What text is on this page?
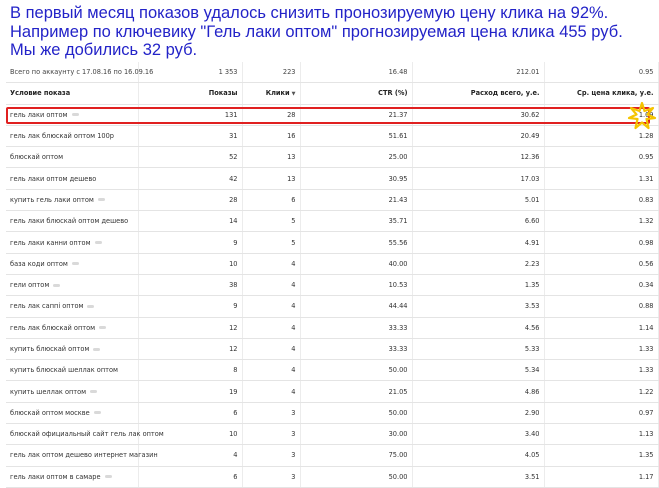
В первый месяц показов удалось снизить пронозируемую цену клика на 92%.
Например по ключевику "Гель лаки оптом" прогнозируемая цена клика 455 руб.
Мы же добились 32 руб.
Всего по аккаунту с 17.08.16 по 16.09.16	1 353	223	16.48	212.01	0.95
Условие показа	Показы	Клики ▼	CTR (%)	Расход всего, у.е.	Ср. цена клика, у.е.
гель лаки оптом	131	28	21.37	30.62	1.09
гель лак блюскай оптом 100р	31	16	51.61	20.49	1.28
блюскай оптом	52	13	25.00	12.36	0.95
гель лаки оптом дешево	42	13	30.95	17.03	1.31
купить гель лаки оптом	28	6	21.43	5.01	0.83
гель лаки блюскай оптом дешево	14	5	35.71	6.60	1.32
гель лаки канни оптом	9	5	55.56	4.91	0.98
база коди оптом	10	4	40.00	2.23	0.56
гели оптом	38	4	10.53	1.35	0.34
гель лак caппi оптом	9	4	44.44	3.53	0.88
гель лак блюскай оптом	12	4	33.33	4.56	1.14
купить блюскай оптом	12	4	33.33	5.33	1.33
купить блюскай шеллак оптом	8	4	50.00	5.34	1.33
купить шеллак оптом	19	4	21.05	4.86	1.22
блюскай оптом москве	6	3	50.00	2.90	0.97
блюскай официальный сайт гель лак оптом	10	3	30.00	3.40	1.13
гель лак оптом дешево интернет магазин	4	3	75.00	4.05	1.35
гель лаки оптом в самаре	6	3	50.00	3.51	1.17
